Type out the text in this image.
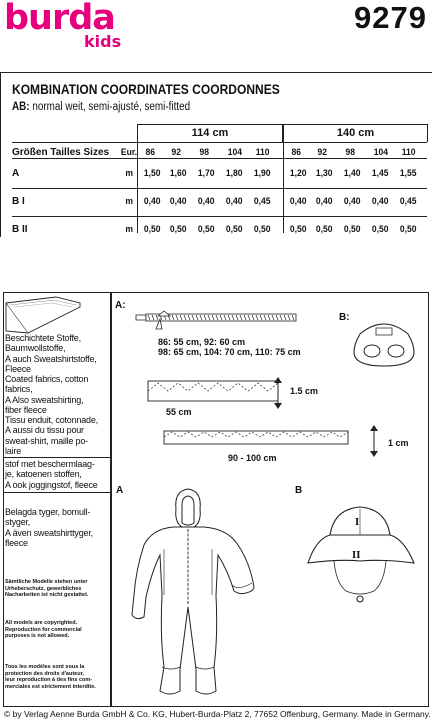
burda
kids
9279
KOMBINATION COORDINATES COORDONNES
AB: normal weit, semi-ajusté, semi-fitted
114 cm	140 cm
Größen Tailles Sizes Eur. 86 92 98 104 110 86 92 98 104 110
A	m 1,50 1,60 1,70 1,80 1,90 1,20 1,30 1,40 1,45 1,55
B I	m 0,40 0,40 0,40 0,40 0,45 0,40 0,40 0,40 0,40 0,45
B II	m 0,50 0,50 0,50 0,50 0,50 0,50 0,50 0,50 0,50 0,50
Beschichtete Stoffe,
Baumwollstoffe,
A auch Sweatshirtstoffe,
Fleece
Coated fabrics, cotton
fabrics,
A Also sweatshirting,
fiber fleece
Tissu enduit, cotonnade,
A aussi du tissu pour
sweat-shirt, maille po-
laire
stof met beschermlaag-
je, katoenen stoffen,
A ook joggingstof, fleece
Belagda tyger, bomull-
styger,
A även sweatshirttyger,
fleece
Sämtliche Modelle stehen unter
Urheberschutz, gewerbliches
Nacharbeiten ist nicht gestattet.
All models are copyrighted.
Reproduction for commercial
purposes is not allowed.
Tous les modèles sont sous la
protection des droits d'auteur,
leur reproduction à des fins com-
merciales est strictement interdite.
A:
B:
86: 55 cm, 92: 60 cm
98: 65 cm, 104: 70 cm, 110: 75 cm
1.5 cm
55 cm
1 cm
90 - 100 cm
A	B
I
II
© by Verlag Aenne Burda GmbH & Co. KG, Hubert-Burda-Platz 2, 77652 Offenburg, Germany. Made in Germany.
